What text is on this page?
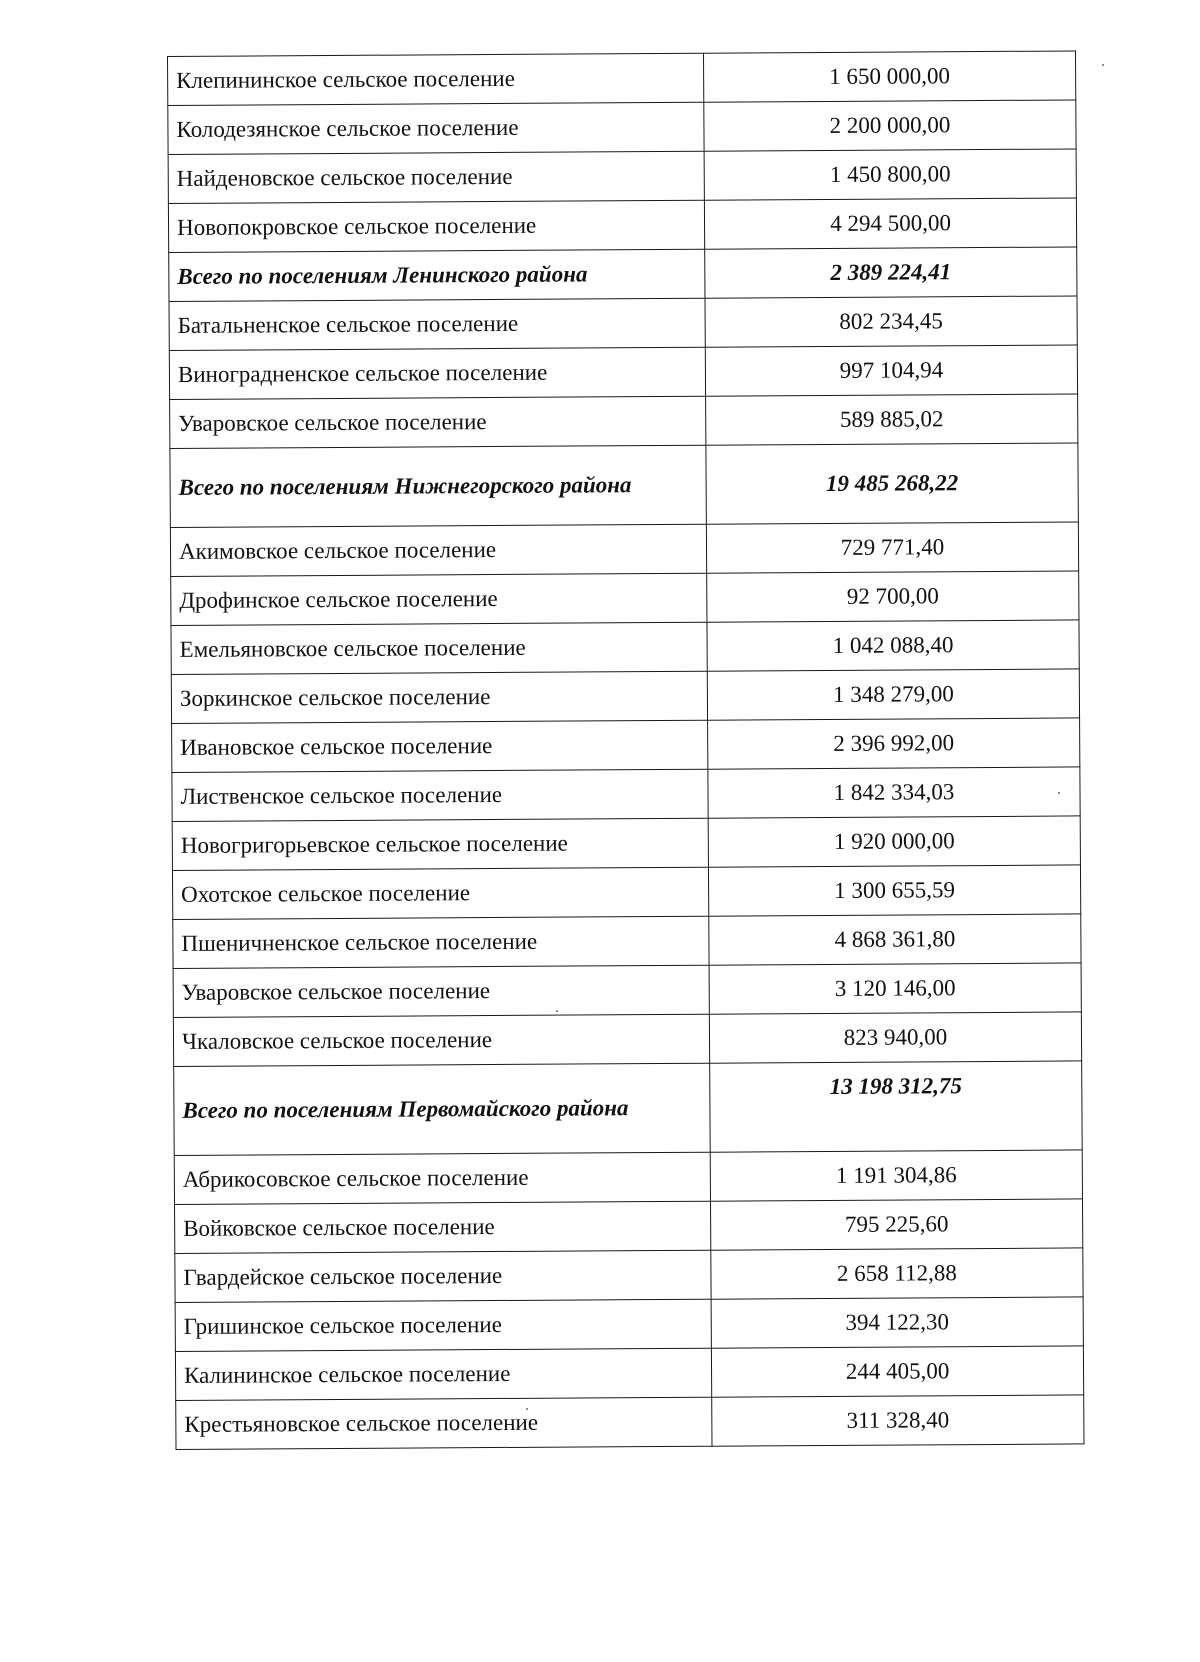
Клепининское сельское поселение	1 650 000,00
Колодезянское сельское поселение	2 200 000,00
Найденовское сельское поселение	1 450 800,00
Новопокровское сельское поселение	4 294 500,00
Всего по поселениям Ленинского района	2 389 224,41
Батальненское сельское поселение	802 234,45
Виноградненское сельское поселение	997 104,94
Уваровское сельское поселение	589 885,02
Всего по поселениям Нижнегорского района	19 485 268,22
Акимовское сельское поселение	729 771,40
Дрофинское сельское поселение	92 700,00
Емельяновское сельское поселение	1 042 088,40
Зоркинское сельское поселение	1 348 279,00
Ивановское сельское поселение	2 396 992,00
Лиственское сельское поселение	1 842 334,03
Новогригорьевское сельское поселение	1 920 000,00
Охотское сельское поселение	1 300 655,59
Пшеничненское сельское поселение	4 868 361,80
Уваровское сельское поселение	3 120 146,00
Чкаловское сельское поселение	823 940,00
Всего по поселениям Первомайского района	13 198 312,75
Абрикосовское сельское поселение	1 191 304,86
Войковское сельское поселение	795 225,60
Гвардейское сельское поселение	2 658 112,88
Гришинское сельское поселение	394 122,30
Калининское сельское поселение	244 405,00
Крестьяновское сельское поселение	311 328,40
